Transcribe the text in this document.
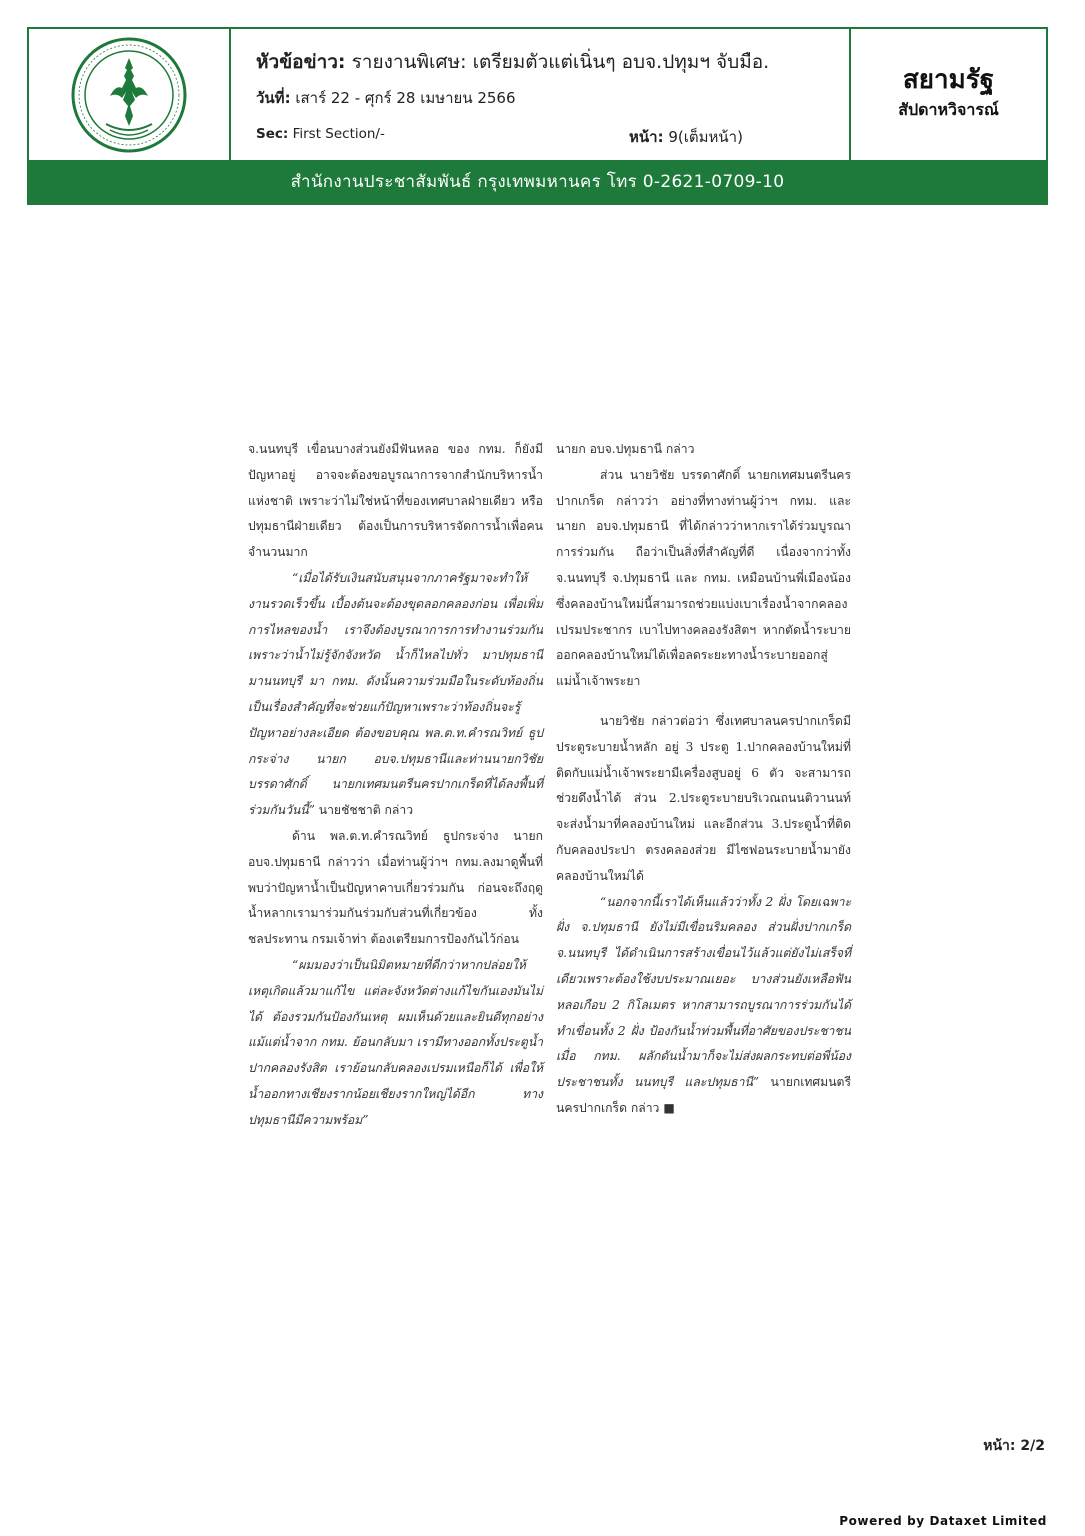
หัวข้อข่าว: รายงานพิเศษ: เตรียมตัวแต่เนิ่นๆ อบจ.ปทุมฯ จับมือ.
วันที่: เสาร์ 22 - ศุกร์ 28 เมษายน 2566
Sec: First Section/-	หน้า: 9(เต็มหน้า)
สยามรัฐ
สัปดาหวิจารณ์
สำนักงานประชาสัมพันธ์ กรุงเทพมหานคร โทร 0-2621-0709-10

จ.นนทบุรี เขื่อนบางส่วนยังมีฟันหลอ ของ กทม. ก็ยังมีปัญหาอยู่ อาจจะต้องขอบูรณาการจากสำนักบริหารน้ำแห่งชาติ เพราะว่าไม่ใช่หน้าที่ของเทศบาลฝ่ายเดียว หรือปทุมธานีฝ่ายเดียว ต้องเป็นการบริหารจัดการน้ำเพื่อคนจำนวนมาก

“เมื่อได้รับเงินสนับสนุนจากภาครัฐมาจะทำให้งานรวดเร็วขึ้น เบื้องต้นจะต้องขุดลอกคลองก่อน เพื่อเพิ่มการไหลของน้ำ เราจึงต้องบูรณาการการทำงานร่วมกัน เพราะว่าน้ำไม่รู้จักจังหวัด น้ำก็ไหลไปทั่ว มาปทุมธานีมานนทบุรี มา กทม. ดังนั้นความร่วมมือในระดับท้องถิ่นเป็นเรื่องสำคัญที่จะช่วยแก้ปัญหาเพราะว่าท้องถิ่นจะรู้ปัญหาอย่างละเอียด ต้องขอบคุณ พล.ต.ท.คำรณวิทย์ ธูปกระจ่าง นายก อบจ.ปทุมธานีและท่านนายกวิชัย บรรดาศักดิ์ นายกเทศมนตรีนครปากเกร็ดที่ได้ลงพื้นที่ร่วมกันวันนี้” นายชัชชาติ กล่าว

ด้าน พล.ต.ท.คำรณวิทย์ ธูปกระจ่าง นายก อบจ.ปทุมธานี กล่าวว่า เมื่อท่านผู้ว่าฯ กทม.ลงมาดูพื้นที่พบว่าปัญหาน้ำเป็นปัญหาคาบเกี่ยวร่วมกัน ก่อนจะถึงฤดูน้ำหลากเรามาร่วมกันร่วมกับส่วนที่เกี่ยวข้อง ทั้งชลประทาน กรมเจ้าท่า ต้องเตรียมการป้องกันไว้ก่อน

“ผมมองว่าเป็นนิมิตหมายที่ดีกว่าหากปล่อยให้เหตุเกิดแล้วมาแก้ไข แต่ละจังหวัดต่างแก้ไขกันเองมันไม่ได้ ต้องรวมกันป้องกันเหตุ ผมเห็นด้วยและยินดีทุกอย่างแม้แต่น้ำจาก กทม. ย้อนกลับมา เรามีทางออกทั้งประตูน้ำปากคลองรังสิต เราย้อนกลับคลองเปรมเหนือก็ได้ เพื่อให้น้ำออกทางเชียงรากน้อยเชียงรากใหญ่ได้อีก ทางปทุมธานีมีความพร้อม”

นายก อบจ.ปทุมธานี กล่าว

ส่วน นายวิชัย บรรดาศักดิ์ นายกเทศมนตรีนครปากเกร็ด กล่าวว่า อย่างที่ทางท่านผู้ว่าฯ กทม. และ นายก อบจ.ปทุมธานี ที่ได้กล่าวว่าหากเราได้ร่วมบูรณาการร่วมกัน ถือว่าเป็นสิ่งที่สำคัญที่ดี เนื่องจากว่าทั้ง จ.นนทบุรี จ.ปทุมธานี และ กทม. เหมือนบ้านพี่เมืองน้อง ซึ่งคลองบ้านใหม่นี้สามารถช่วยแบ่งเบาเรื่องน้ำจากคลองเปรมประชากร เบาไปทางคลองรังสิตฯ หากตัดน้ำระบายออกคลองบ้านใหม่ได้เพื่อลดระยะทางน้ำระบายออกสู่แม่น้ำเจ้าพระยา

นายวิชัย กล่าวต่อว่า ซึ่งเทศบาลนครปากเกร็ดมีประตูระบายน้ำหลัก อยู่ 3 ประตู 1.ปากคลองบ้านใหม่ที่ติดกับแม่น้ำเจ้าพระยามีเครื่องสูบอยู่ 6 ตัว จะสามารถช่วยดึงน้ำได้ ส่วน 2.ประตูระบายบริเวณถนนติวานนท์ จะส่งน้ำมาที่คลองบ้านใหม่ และอีกส่วน 3.ประตูน้ำที่ติดกับคลองประปา ตรงคลองส่วย มีไซฟอนระบายน้ำมายังคลองบ้านใหม่ได้

“นอกจากนี้เราได้เห็นแล้วว่าทั้ง 2 ฝั่ง โดยเฉพาะฝั่ง จ.ปทุมธานี ยังไม่มีเขื่อนริมคลอง ส่วนฝั่งปากเกร็ด จ.นนทบุรี ได้ดำเนินการสร้างเขื่อนไว้แล้วแต่ยังไม่เสร็จที่เดียวเพราะต้องใช้งบประมาณเยอะ บางส่วนยังเหลือฟันหลอเกือบ 2 กิโลเมตร หากสามารถบูรณาการร่วมกันได้ทำเขื่อนทั้ง 2 ฝั่ง ป้องกันน้ำท่วมพื้นที่อาศัยของประชาชน เมื่อ กทม. ผลักดันน้ำมาก็จะไม่ส่งผลกระทบต่อพี่น้องประชาชนทั้ง นนทบุรี และปทุมธานี” นายกเทศมนตรีนครปากเกร็ด กล่าว ■

หน้า: 2/2
Powered by Dataxet Limited
